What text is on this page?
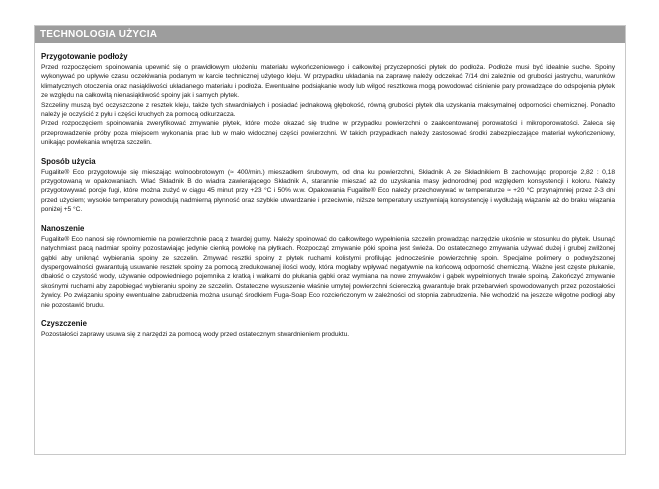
TECHNOLOGIA UŻYCIA

Przygotowanie podłoży

Przed rozpoczęciem spoinowania upewnić się o prawidłowym ułożeniu materiału wykończeniowego i całkowitej przyczepności płytek do podłoża. Podłoże musi być idealnie suche. Spoiny wykonywać po upływie czasu oczekiwania podanym w karcie technicznej użytego kleju. W przypadku układania na zaprawę należy odczekać 7/14 dni zależnie od grubości jastrychu, warunków klimatycznych otoczenia oraz nasiąkliwości układanego materiału i podłoża. Ewentualne podsiąkanie wody lub wilgoć resztkowa mogą powodować ciśnienie pary prowadzące do odspojenia płytek ze względu na całkowitą nienasiąkliwość spoiny jak i samych płytek.

Szczeliny muszą być oczyszczone z resztek kleju, także tych stwardniałych i posiadać jednakową głębokość, równą grubości płytek dla uzyskania maksymalnej odporności chemicznej. Ponadto należy je oczyścić z pyłu i części kruchych za pomocą odkurzacza.

Przed rozpoczęciem spoinowania zweryfikować zmywanie płytek, które może okazać się trudne w przypadku powierzchni o zaakcentowanej porowatości i mikroporowatości. Zaleca się przeprowadzenie próby poza miejscem wykonania prac lub w mało widocznej części powierzchni. W takich przypadkach należy zastosować środki zabezpieczające materiał wykończeniowy, unikając powlekania wnętrza szczelin.

Sposób użycia

Fugalite® Eco przygotowuje się mieszając wolnoobrotowym (≈ 400/min.) mieszadłem śrubowym, od dna ku powierzchni, Składnik A ze Składnikiem B zachowując proporcje 2,82 : 0,18 przygotowaną w opakowaniach. Wlać Składnik B do wiadra zawierającego Składnik A, starannie mieszać aż do uzyskania masy jednorodnej pod względem konsystencji i koloru. Należy przygotowywać porcje fugi, które można zużyć w ciągu 45 minut przy +23 °C i 50% w.w. Opakowania Fugalite® Eco należy przechowywać w temperaturze ≈ +20 °C przynajmniej przez 2-3 dni przed użyciem; wysokie temperatury powodują nadmierną płynność oraz szybkie utwardzanie i przeciwnie, niższe temperatury usztywniają konsystencję i wydłużają wiązanie aż do braku wiązania poniżej +5 °C.

Nanoszenie

Fugalite® Eco nanosi się równomiernie na powierzchnie pacą z twardej gumy. Należy spoinować do całkowitego wypełnienia szczelin prowadząc narzędzie ukośnie w stosunku do płytek. Usunąć natychmiast pacą nadmiar spoiny pozostawiając jedynie cienką powłokę na płytkach. Rozpocząć zmywanie póki spoina jest świeża. Do ostatecznego zmywania używać dużej i grubej zwilżonej gąbki aby uniknąć wybierania spoiny ze szczelin. Zmywać resztki spoiny z płytek ruchami kolistymi profilując jednocześnie powierzchnię spoin. Specjalne polimery o podwyższonej dyspergowalności gwarantują usuwanie resztek spoiny za pomocą zredukowanej ilości wody, która mogłaby wpływać negatywnie na końcową odporność chemiczną. Ważne jest częste płukanie, dbałość o czystość wody, używanie odpowiedniego pojemnika z kratką i wałkami do płukania gąbki oraz wymiana na nowe zmywaków i gąbek wypełnionych trwale spoiną. Zakończyć zmywanie skośnymi ruchami aby zapobiegać wybieraniu spoiny ze szczelin. Ostateczne wysuszenie właśnie umytej powierzchni ściereczką gwarantuje brak przebarwień spowodowanych przez pozostałości żywicy. Po związaniu spoiny ewentualne zabrudzenia można usunąć środkiem Fuga-Soap Eco rozcieńczonym w zależności od stopnia zabrudzenia. Nie wchodzić na jeszcze wilgotne podłogi aby nie pozostawić brudu.

Czyszczenie

Pozostałości zaprawy usuwa się z narzędzi za pomocą wody przed ostatecznym stwardnieniem produktu.
